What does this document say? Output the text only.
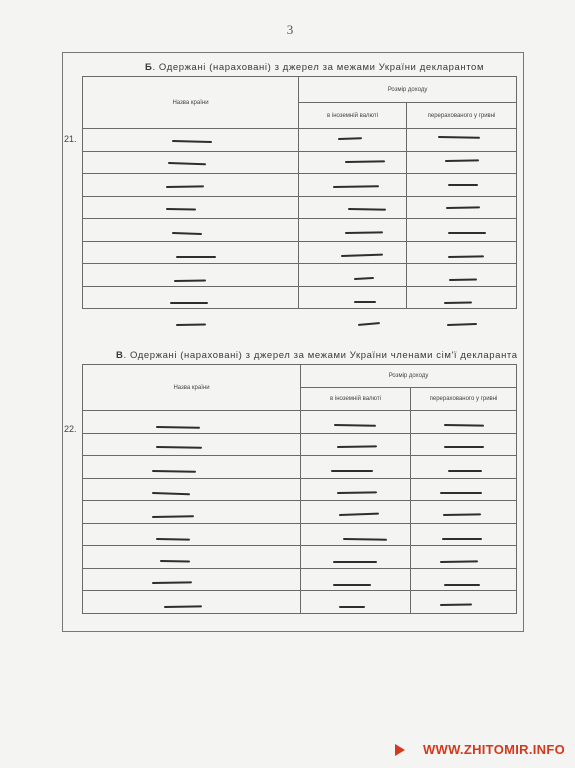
3
Б. Одержані (нараховані) з джерел за межами України декларантом
Назва країни	Розмір доходу	
	в іноземній валюті	перерахованого у гривні

21.
В. Одержані (нараховані) з джерел за межами України членами сім'ї декларанта
Назва країни	Розмір доходу	
	в іноземній валюті	перерахованого у гривні

22.
WWW.ZHITOMIR.INFO
